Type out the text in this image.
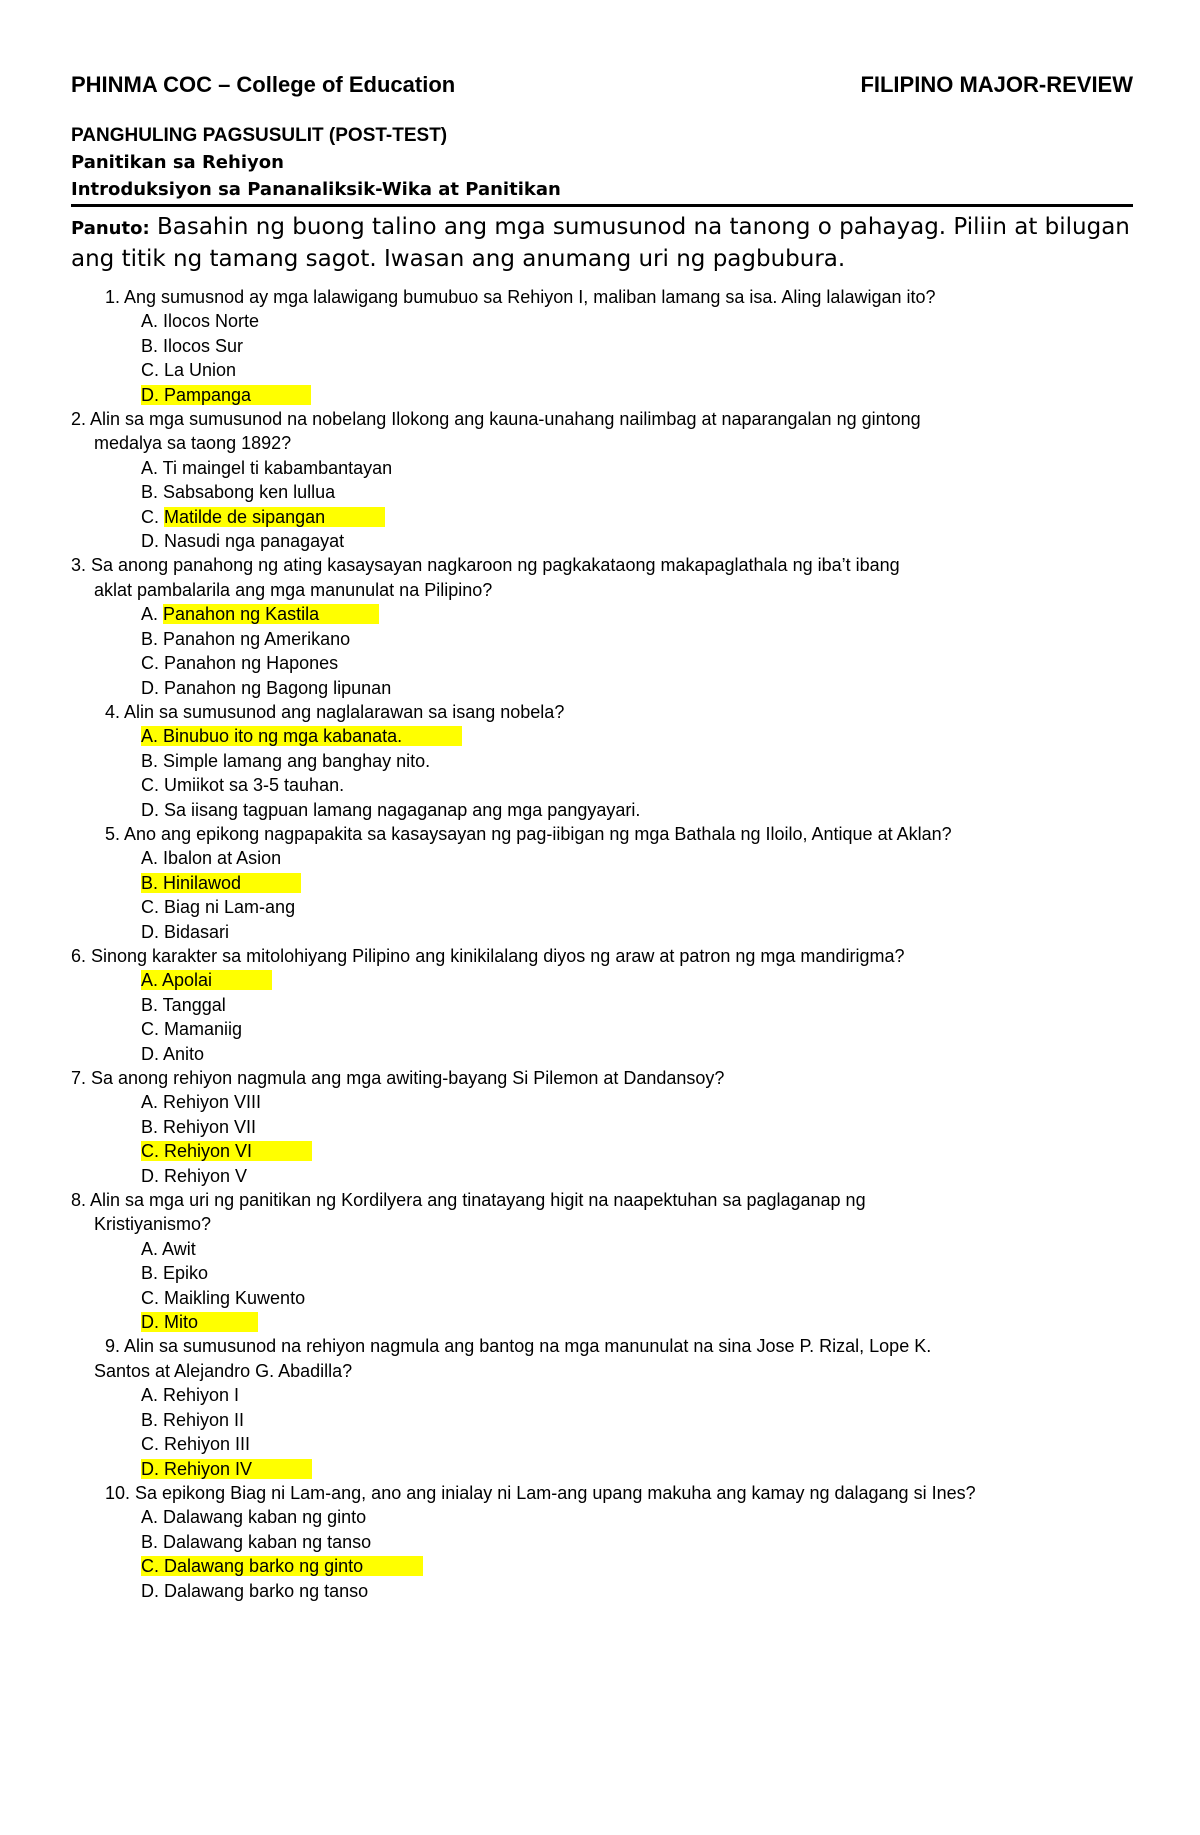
PHINMA COC – College of Education	FILIPINO MAJOR-REVIEW
PANGHULING PAGSUSULIT (POST-TEST)
Panitikan sa Rehiyon
Introduksiyon sa Pananaliksik-Wika at Panitikan
Panuto: Basahin ng buong talino ang mga sumusunod na tanong o pahayag. Piliin at bilugan ang titik ng tamang sagot. Iwasan ang anumang uri ng pagbubura.
1. Ang sumusnod ay mga lalawigang bumubuo sa Rehiyon I, maliban lamang sa isa. Aling lalawigan ito?
A. Ilocos Norte
B. Ilocos Sur
C. La Union
D. Pampanga
2. Alin sa mga sumusunod na nobelang Ilokong ang kauna-unahang nailimbag at naparangalan ng gintong
medalya sa taong 1892?
A. Ti maingel ti kabambantayan
B. Sabsabong ken lullua
C. Matilde de sipangan
D. Nasudi nga panagayat
3. Sa anong panahong ng ating kasaysayan nagkaroon ng pagkakataong makapaglathala ng iba’t ibang
aklat pambalarila ang mga manunulat na Pilipino?
A. Panahon ng Kastila
B. Panahon ng Amerikano
C. Panahon ng Hapones
D. Panahon ng Bagong lipunan
4. Alin sa sumusunod ang naglalarawan sa isang nobela?
A. Binubuo ito ng mga kabanata.
B. Simple lamang ang banghay nito.
C. Umiikot sa 3-5 tauhan.
D. Sa iisang tagpuan lamang nagaganap ang mga pangyayari.
5. Ano ang epikong nagpapakita sa kasaysayan ng pag-iibigan ng mga Bathala ng Iloilo, Antique at Aklan?
A. Ibalon at Asion
B. Hinilawod
C. Biag ni Lam-ang
D. Bidasari
6. Sinong karakter sa mitolohiyang Pilipino ang kinikilalang diyos ng araw at patron ng mga mandirigma?
A. Apolai
B. Tanggal
C. Mamaniig
D. Anito
7. Sa anong rehiyon nagmula ang mga awiting-bayang Si Pilemon at Dandansoy?
A. Rehiyon VIII
B. Rehiyon VII
C. Rehiyon VI
D. Rehiyon V
8. Alin sa mga uri ng panitikan ng Kordilyera ang tinatayang higit na naapektuhan sa paglaganap ng
Kristiyanismo?
A. Awit
B. Epiko
C. Maikling Kuwento
D. Mito
9. Alin sa sumusunod na rehiyon nagmula ang bantog na mga manunulat na sina Jose P. Rizal, Lope K.
Santos at Alejandro G. Abadilla?
A. Rehiyon I
B. Rehiyon II
C. Rehiyon III
D. Rehiyon IV
10. Sa epikong Biag ni Lam-ang, ano ang inialay ni Lam-ang upang makuha ang kamay ng dalagang si Ines?
A. Dalawang kaban ng ginto
B. Dalawang kaban ng tanso
C. Dalawang barko ng ginto
D. Dalawang barko ng tanso
